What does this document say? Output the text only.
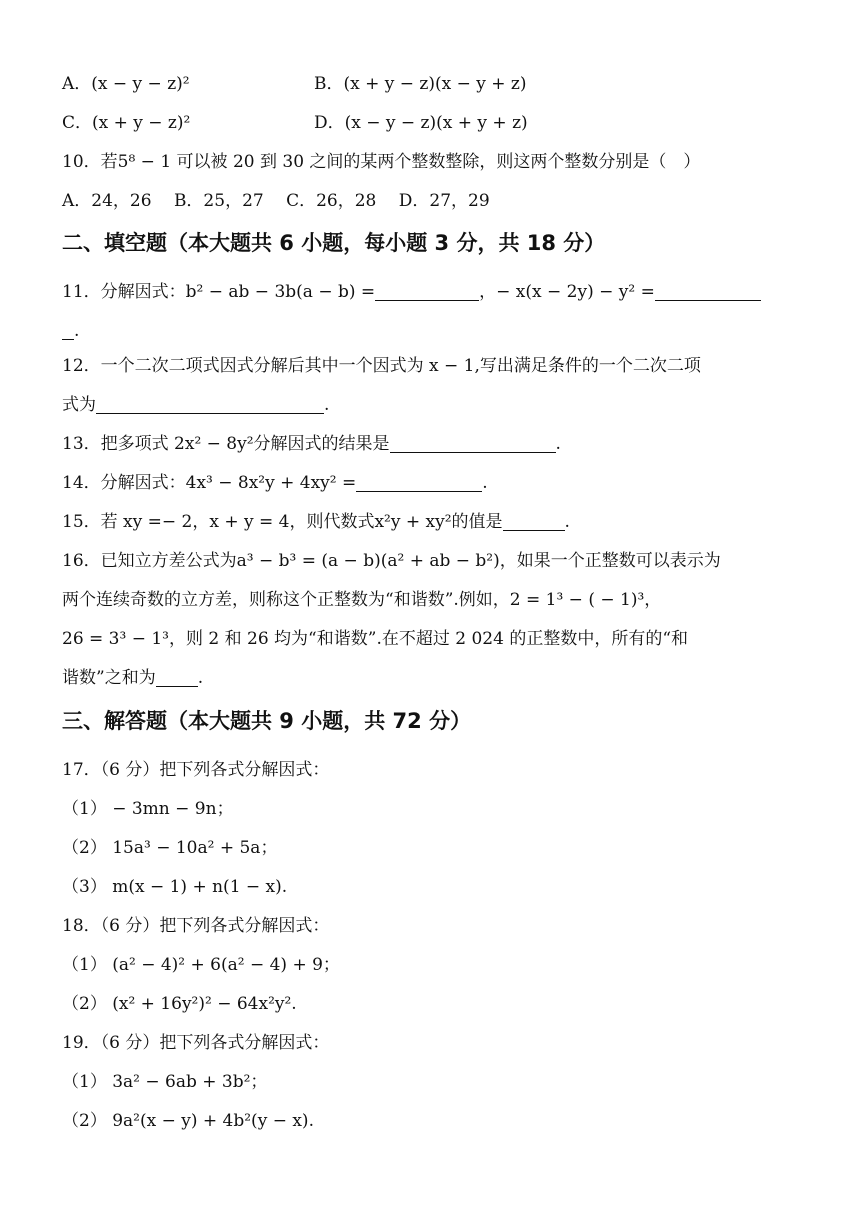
A．(x − y − z)²	B．(x + y − z)(x − y + z)
C．(x + y − z)²	D．(x − y − z)(x + y + z)
10．若5⁸ − 1 可以被 20 到 30 之间的某两个整数整除，则这两个整数分别是（　）
A．24，26　 B．25，27　 C．26，28　 D．27，29
二、填空题（本大题共 6 小题，每小题 3 分，共 18 分）
11．分解因式：b² − ab − 3b(a − b) =	，− x(x − 2y) − y² =
.
12．一个二次二项式因式分解后其中一个因式为 x − 1,写出满足条件的一个二次二项
式为	.
13．把多项式 2x² − 8y²分解因式的结果是	.
14．分解因式：4x³ − 8x²y + 4xy² =	.
15．若 xy =− 2，x + y = 4，则代数式x²y + xy²的值是	.
16．已知立方差公式为a³ − b³ = (a − b)(a² + ab − b²)，如果一个正整数可以表示为
两个连续奇数的立方差，则称这个正整数为“和谐数”.例如，2 = 1³ − ( − 1)³，
26 = 3³ − 1³，则 2 和 26 均为“和谐数”.在不超过 2 024 的正整数中，所有的“和
谐数”之和为 .
三、解答题（本大题共 9 小题，共 72 分）
17．（6 分）把下列各式分解因式：
（1） − 3mn − 9n；
（2） 15a³ − 10a² + 5a；
（3） m(x − 1) + n(1 − x).
18．（6 分）把下列各式分解因式：
（1） (a² − 4)² + 6(a² − 4) + 9；
（2） (x² + 16y²)² − 64x²y².
19．（6 分）把下列各式分解因式：
（1） 3a² − 6ab + 3b²；
（2） 9a²(x − y) + 4b²(y − x).
